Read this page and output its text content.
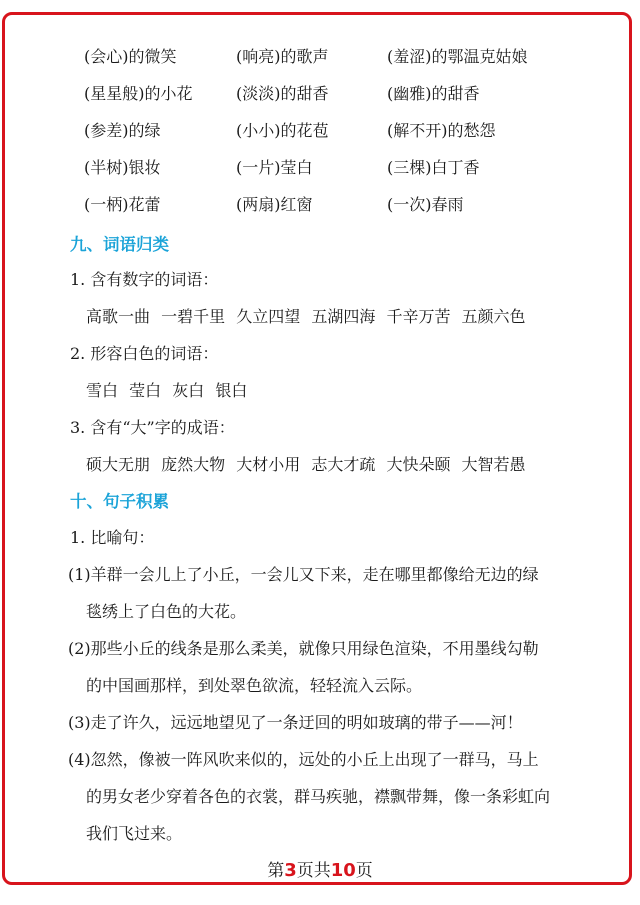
(会心)的微笑	(响亮)的歌声	(羞涩)的鄂温克姑娘
(星星般)的小花	(淡淡)的甜香	(幽雅)的甜香
(参差)的绿	(小小)的花苞	(解不开)的愁怨
(半树)银妆	(一片)莹白	(三棵)白丁香
(一柄)花蕾	(两扇)红窗	(一次)春雨
九、词语归类
1. 含有数字的词语：
高歌一曲 一碧千里 久立四望 五湖四海 千辛万苦 五颜六色
2. 形容白色的词语：
雪白 莹白 灰白 银白
3. 含有“大”字的成语：
硕大无朋 庞然大物 大材小用 志大才疏 大快朵颐 大智若愚
十、句子积累
1. 比喻句：
(1)羊群一会儿上了小丘，一会儿又下来，走在哪里都像给无边的绿
毯绣上了白色的大花。
(2)那些小丘的线条是那么柔美，就像只用绿色渲染，不用墨线勾勒
的中国画那样，到处翠色欲流，轻轻流入云际。
(3)走了许久，远远地望见了一条迂回的明如玻璃的带子——河！
(4)忽然，像被一阵风吹来似的，远处的小丘上出现了一群马，马上
的男女老少穿着各色的衣裳，群马疾驰，襟飘带舞，像一条彩虹向
我们飞过来。
第3页共10页
